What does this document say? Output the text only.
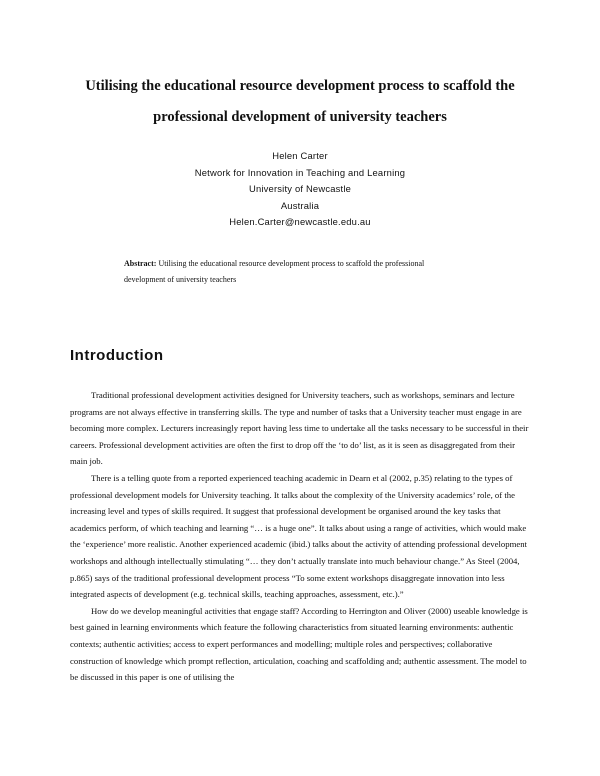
Utilising the educational resource development process to scaffold the
professional development of university teachers
Helen Carter
Network for Innovation in Teaching and Learning
University of Newcastle
Australia
Helen.Carter@newcastle.edu.au
Abstract: Utilising the educational resource development process to scaffold the professional
development of university teachers
Introduction

Traditional professional development activities designed for University teachers, such as workshops, seminars and lecture programs are not always effective in transferring skills. The type and number of tasks that a University teacher must engage in are becoming more complex. Lecturers increasingly report having less time to undertake all the tasks necessary to be successful in their careers. Professional development activities are often the first to drop off the ‘to do’ list, as it is seen as disaggregated from their main job.

There is a telling quote from a reported experienced teaching academic in Dearn et al (2002, p.35) relating to the types of professional development models for University teaching. It talks about the complexity of the University academics’ role, of the increasing level and types of skills required. It suggest that professional development be organised around the key tasks that academics perform, of which teaching and learning “… is a huge one”. It talks about using a range of activities, which would make the ‘experience’ more realistic. Another experienced academic (ibid.) talks about the activity of attending professional development workshops and although intellectually stimulating “… they don’t actually translate into much behaviour change.” As Steel (2004, p.865) says of the traditional professional development process “To some extent workshops disaggregate innovation into less integrated aspects of development (e.g. technical skills, teaching approaches, assessment, etc.).”

How do we develop meaningful activities that engage staff? According to Herrington and Oliver (2000) useable knowledge is best gained in learning environments which feature the following characteristics from situated learning environments: authentic contexts; authentic activities; access to expert performances and modelling; multiple roles and perspectives; collaborative construction of knowledge which prompt reflection, articulation, coaching and scaffolding and; authentic assessment. The model to be discussed in this paper is one of utilising the
